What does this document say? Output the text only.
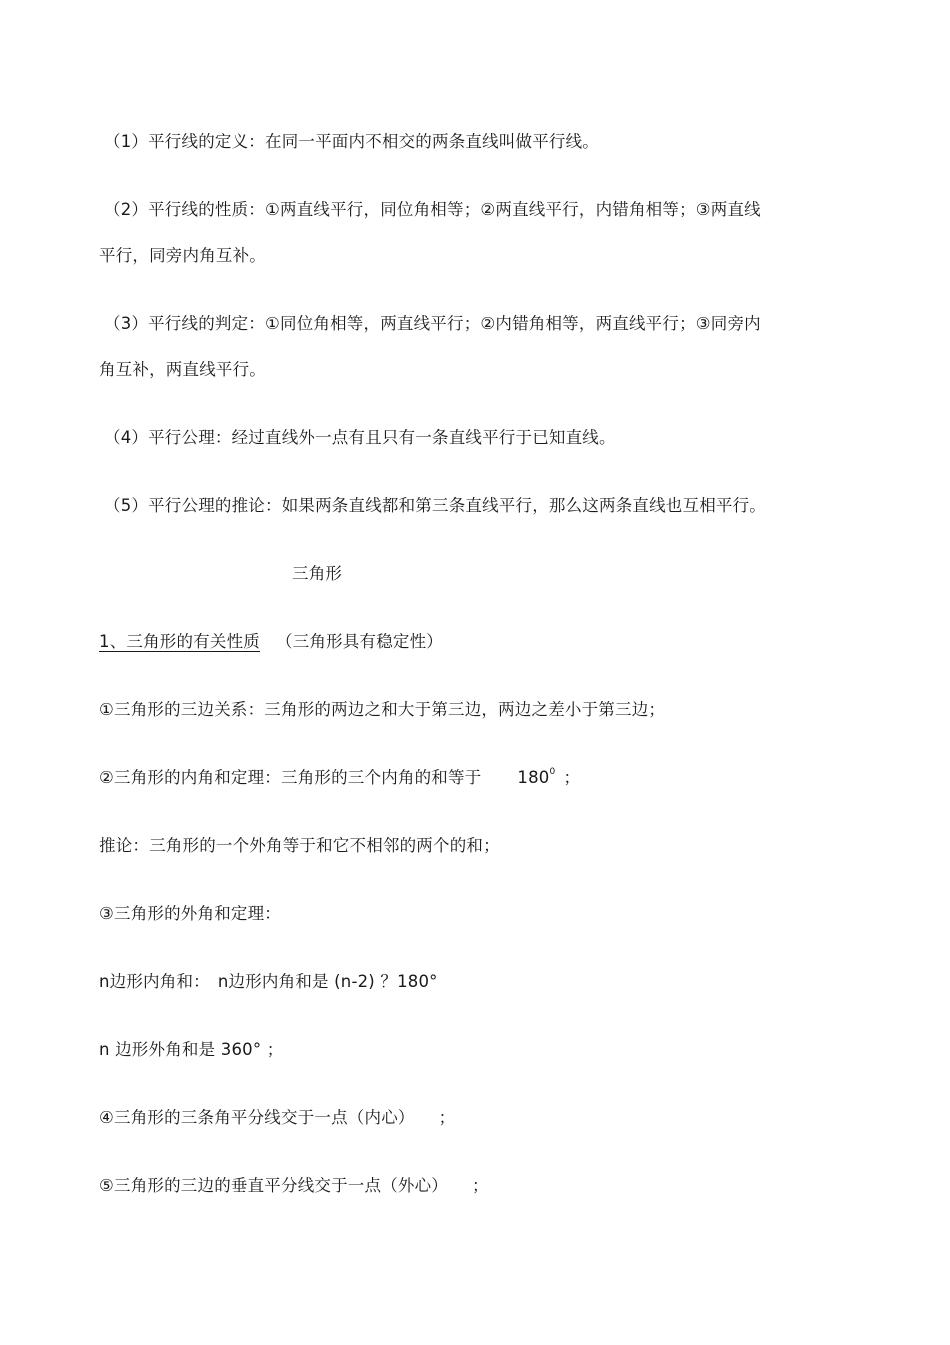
（1）平行线的定义：在同一平面内不相交的两条直线叫做平行线。
（2）平行线的性质：①两直线平行，同位角相等；②两直线平行，内错角相等；③两直线
平行，同旁内角互补。
（3）平行线的判定：①同位角相等，两直线平行；②内错角相等，两直线平行；③同旁内
角互补，两直线平行。
（4）平行公理：经过直线外一点有且只有一条直线平行于已知直线。
（5）平行公理的推论：如果两条直线都和第三条直线平行，那么这两条直线也互相平行。
三角形
1、三角形的有关性质 （三角形具有稳定性）
①三角形的三边关系：三角形的两边之和大于第三边，两边之差小于第三边；
②三角形的内角和定理：三角形的三个内角的和等于 $180^0$ ；
推论：三角形的一个外角等于和它不相邻的两个的和；
③三角形的外角和定理：
n边形内角和： n边形内角和是 (n-2) ？180°
n 边形外角和是 360° ；
④三角形的三条角平分线交于一点（内心） ；
⑤三角形的三边的垂直平分线交于一点（外心） ；
